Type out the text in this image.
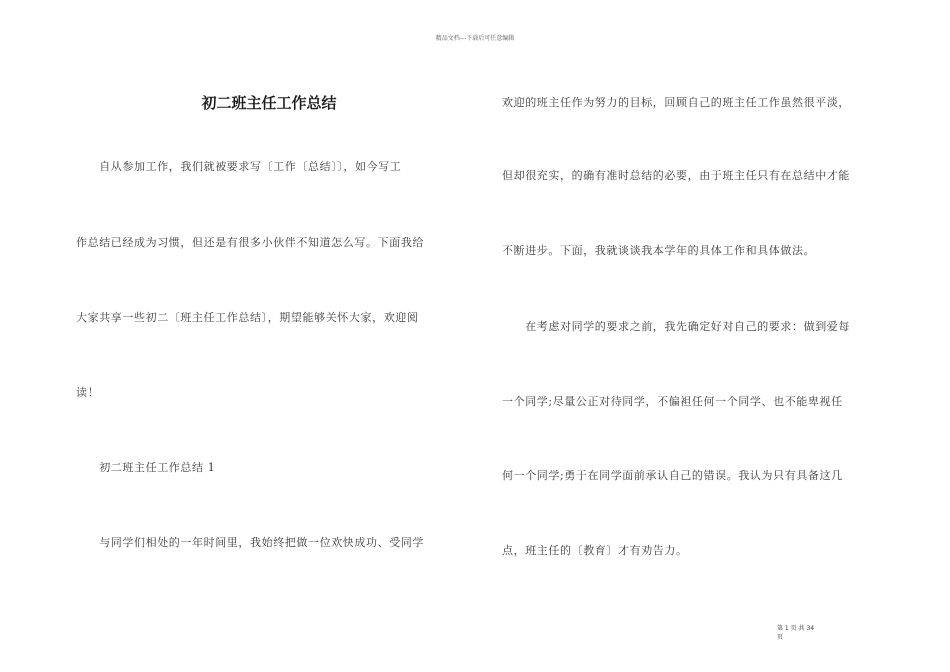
精品文档---下载后可任意编辑
初二班主任工作总结
　　自从参加工作，我们就被要求写〔工作〔总结〕〕，如今写工
作总结已经成为习惯，但还是有很多小伙伴不知道怎么写。下面我给
大家共享一些初二〔班主任工作总结〕，期望能够关怀大家，欢迎阅
读！
　　初二班主任工作总结 1
　　与同学们相处的一年时间里，我始终把做一位欢快成功、受同学
欢迎的班主任作为努力的目标，回顾自己的班主任工作虽然很平淡，
但却很充实，的确有准时总结的必要，由于班主任只有在总结中才能
不断进步。下面，我就谈谈我本学年的具体工作和具体做法。
　　在考虑对同学的要求之前，我先确定好对自己的要求：做到爱每
一个同学;尽量公正对待同学，不偏袒任何一个同学、也不能卑视任
何一个同学;勇于在同学面前承认自己的错误。我认为只有具备这几
点，班主任的〔教育〕才有劝告力。
第 1 页 共 34
页
